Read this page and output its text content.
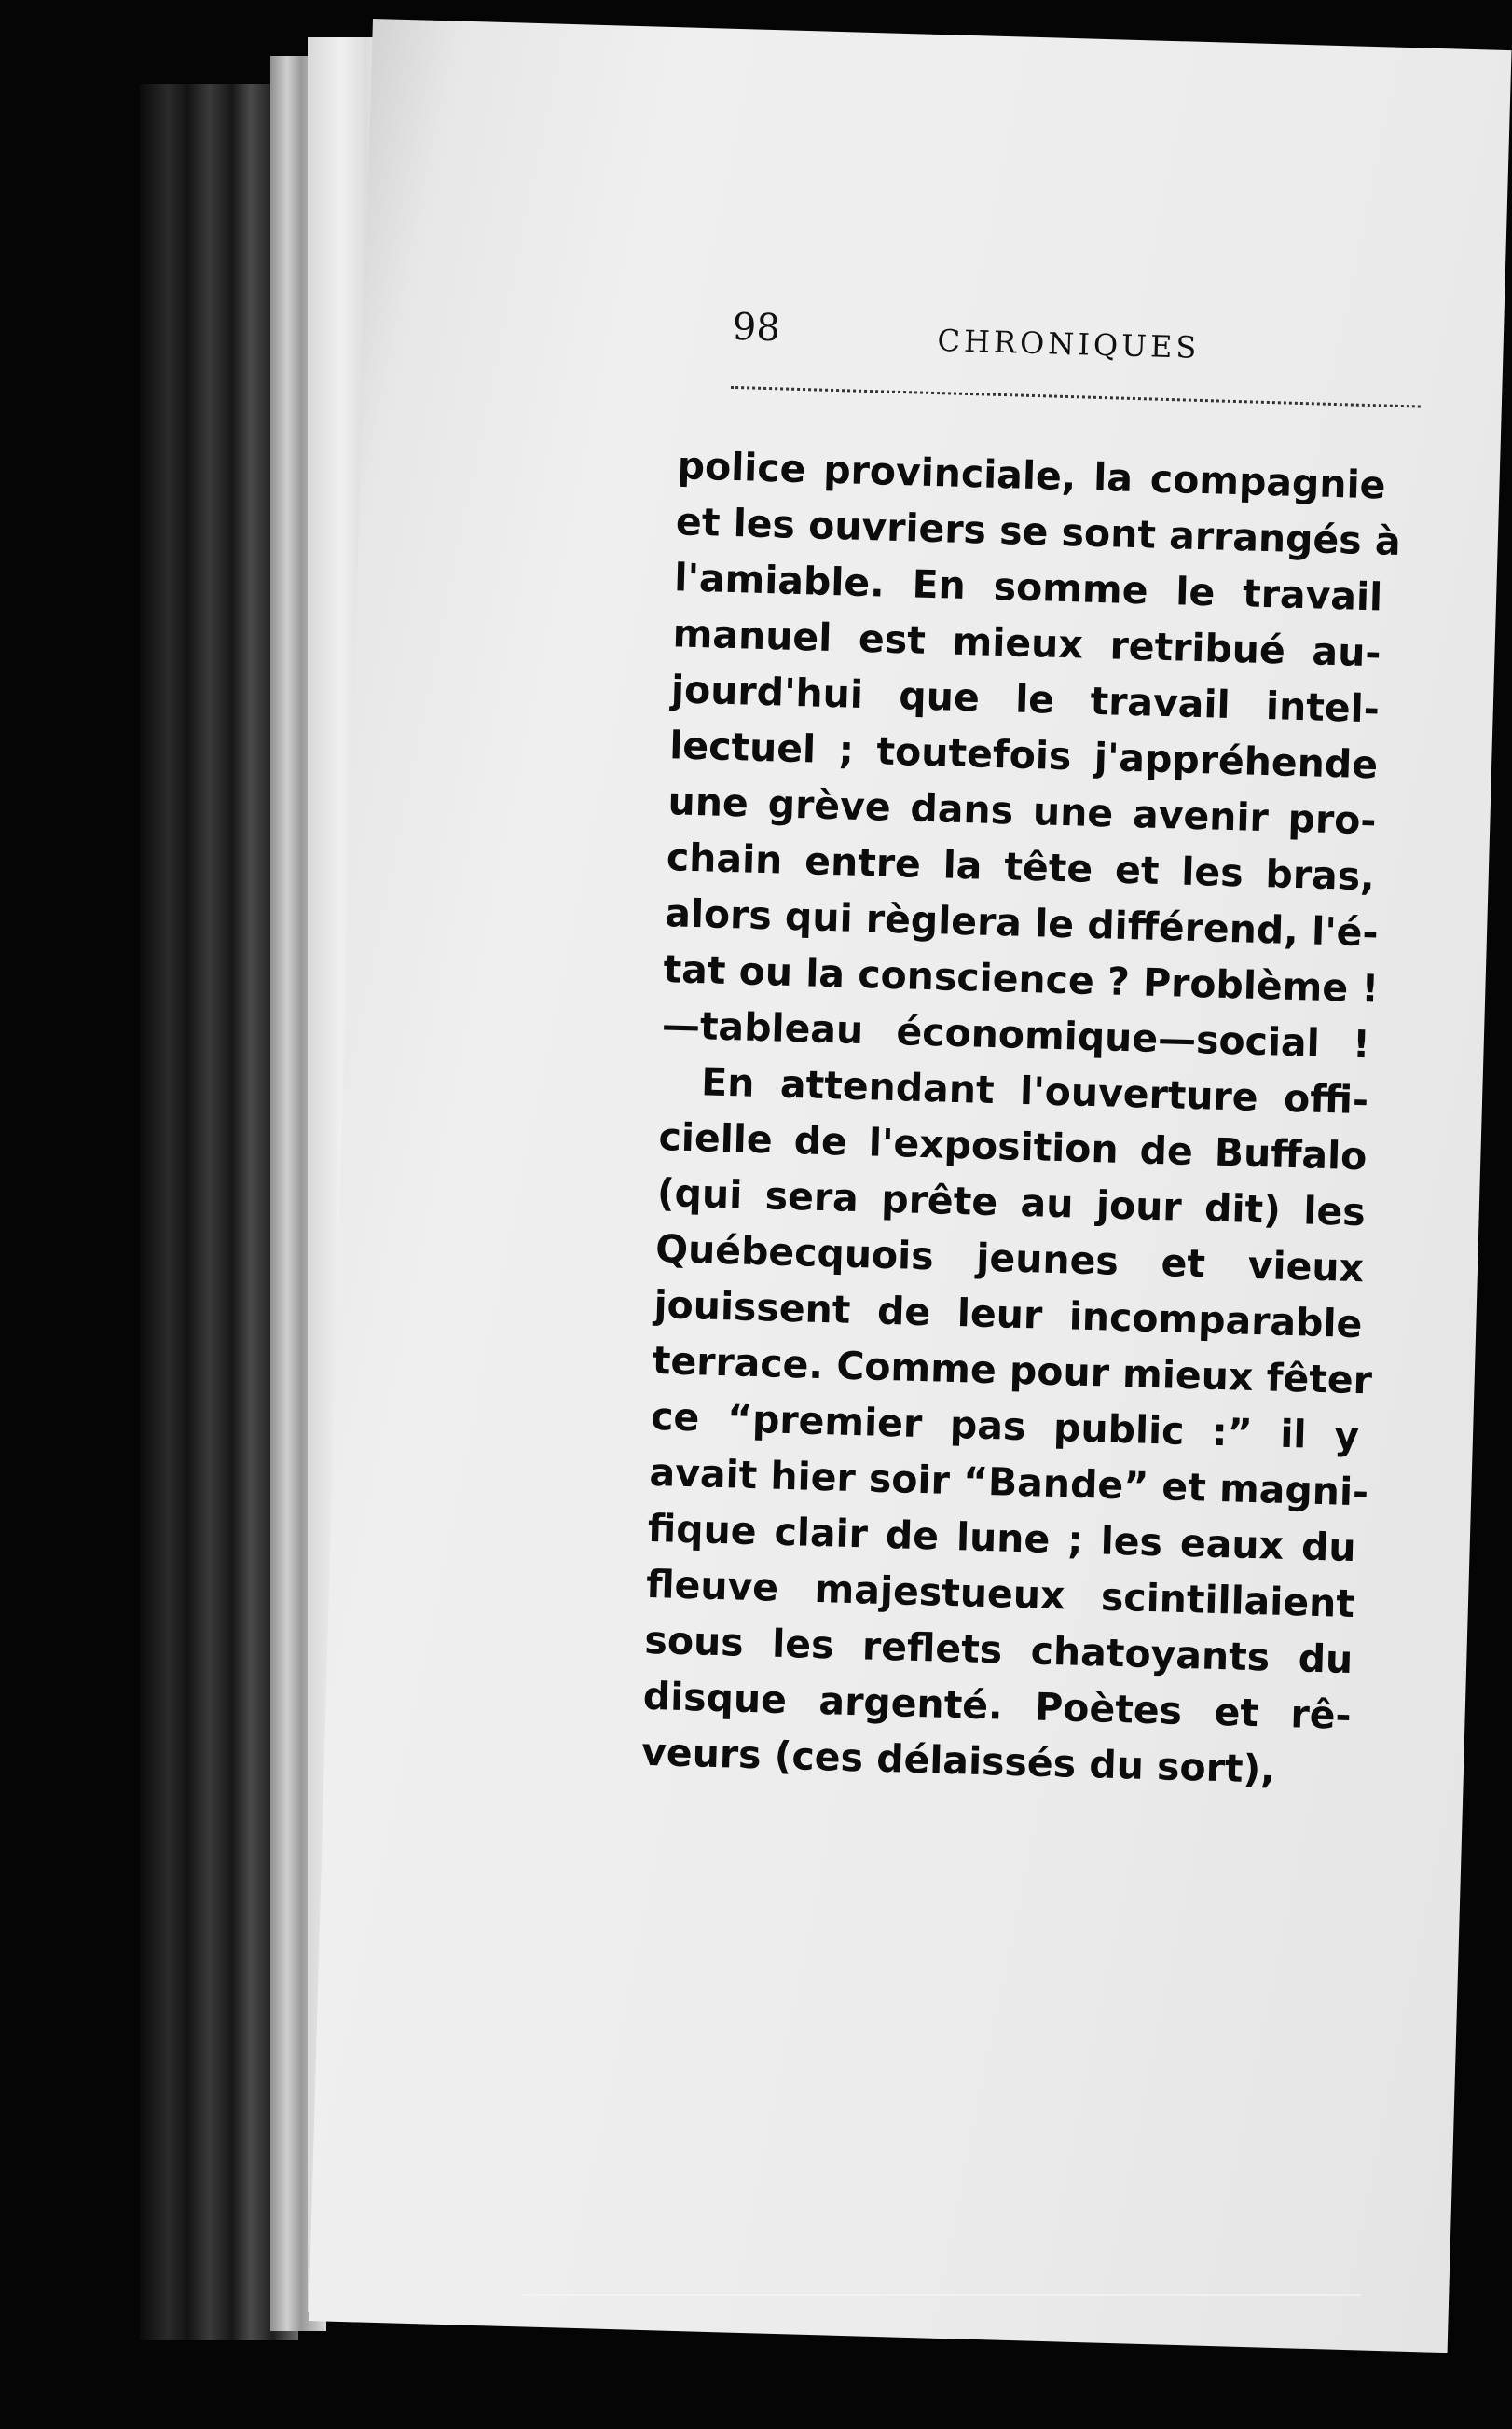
98	CHRONIQUES
police provinciale, la compagnie
et les ouvriers se sont arrangés à
l'amiable. En somme le travail
manuel est mieux retribué au-
jourd'hui que le travail intel-
lectuel ; toutefois j'appréhende
une grève dans une avenir pro-
chain entre la tête et les bras,
alors qui règlera le différend, l'é-
tat ou la conscience ? Problème !
—tableau économique—social !
En attendant l'ouverture offi-
cielle de l'exposition de Buffalo
(qui sera prête au jour dit) les
Québecquois jeunes et vieux
jouissent de leur incomparable
terrace. Comme pour mieux fêter
ce “premier pas public :” il y
avait hier soir “Bande” et magni-
fique clair de lune ; les eaux du
fleuve majestueux scintillaient
sous les reflets chatoyants du
disque argenté. Poètes et rê-
veurs (ces délaissés du sort),
